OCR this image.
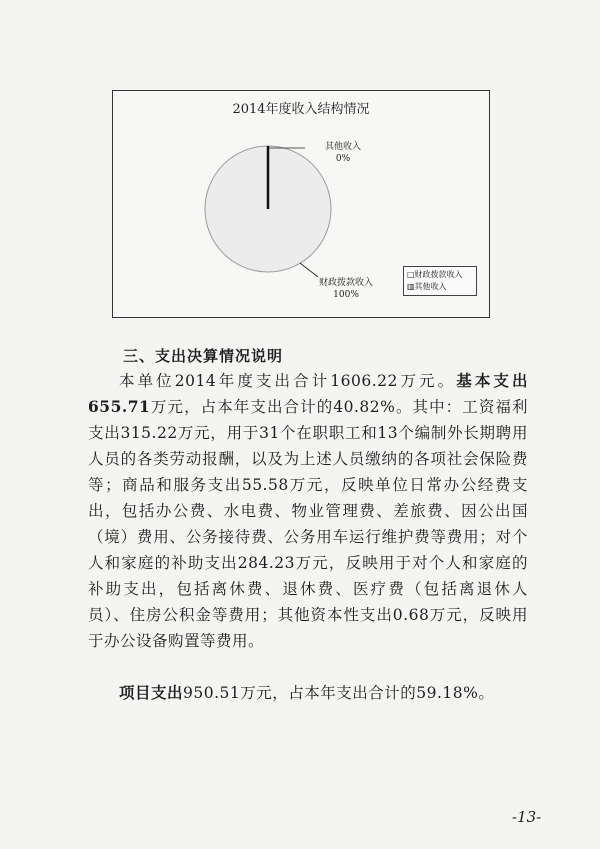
2014年度收入结构情况
其他收入
0%
财政拨款收入
100%
□财政拨款收入
▥其他收入
三、支出决算情况说明
本单位2014年度支出合计1606.22万元。基本支出655.71万元，占本年支出合计的40.82%。其中：工资福利支出315.22万元，用于31个在职职工和13个编制外长期聘用人员的各类劳动报酬，以及为上述人员缴纳的各项社会保险费等；商品和服务支出55.58万元，反映单位日常办公经费支出，包括办公费、水电费、物业管理费、差旅费、因公出国（境）费用、公务接待费、公务用车运行维护费等费用；对个人和家庭的补助支出284.23万元，反映用于对个人和家庭的补助支出，包括离休费、退休费、医疗费（包括离退休人员）、住房公积金等费用；其他资本性支出0.68万元，反映用于办公设备购置等费用。
项目支出950.51万元，占本年支出合计的59.18%。
-13-
